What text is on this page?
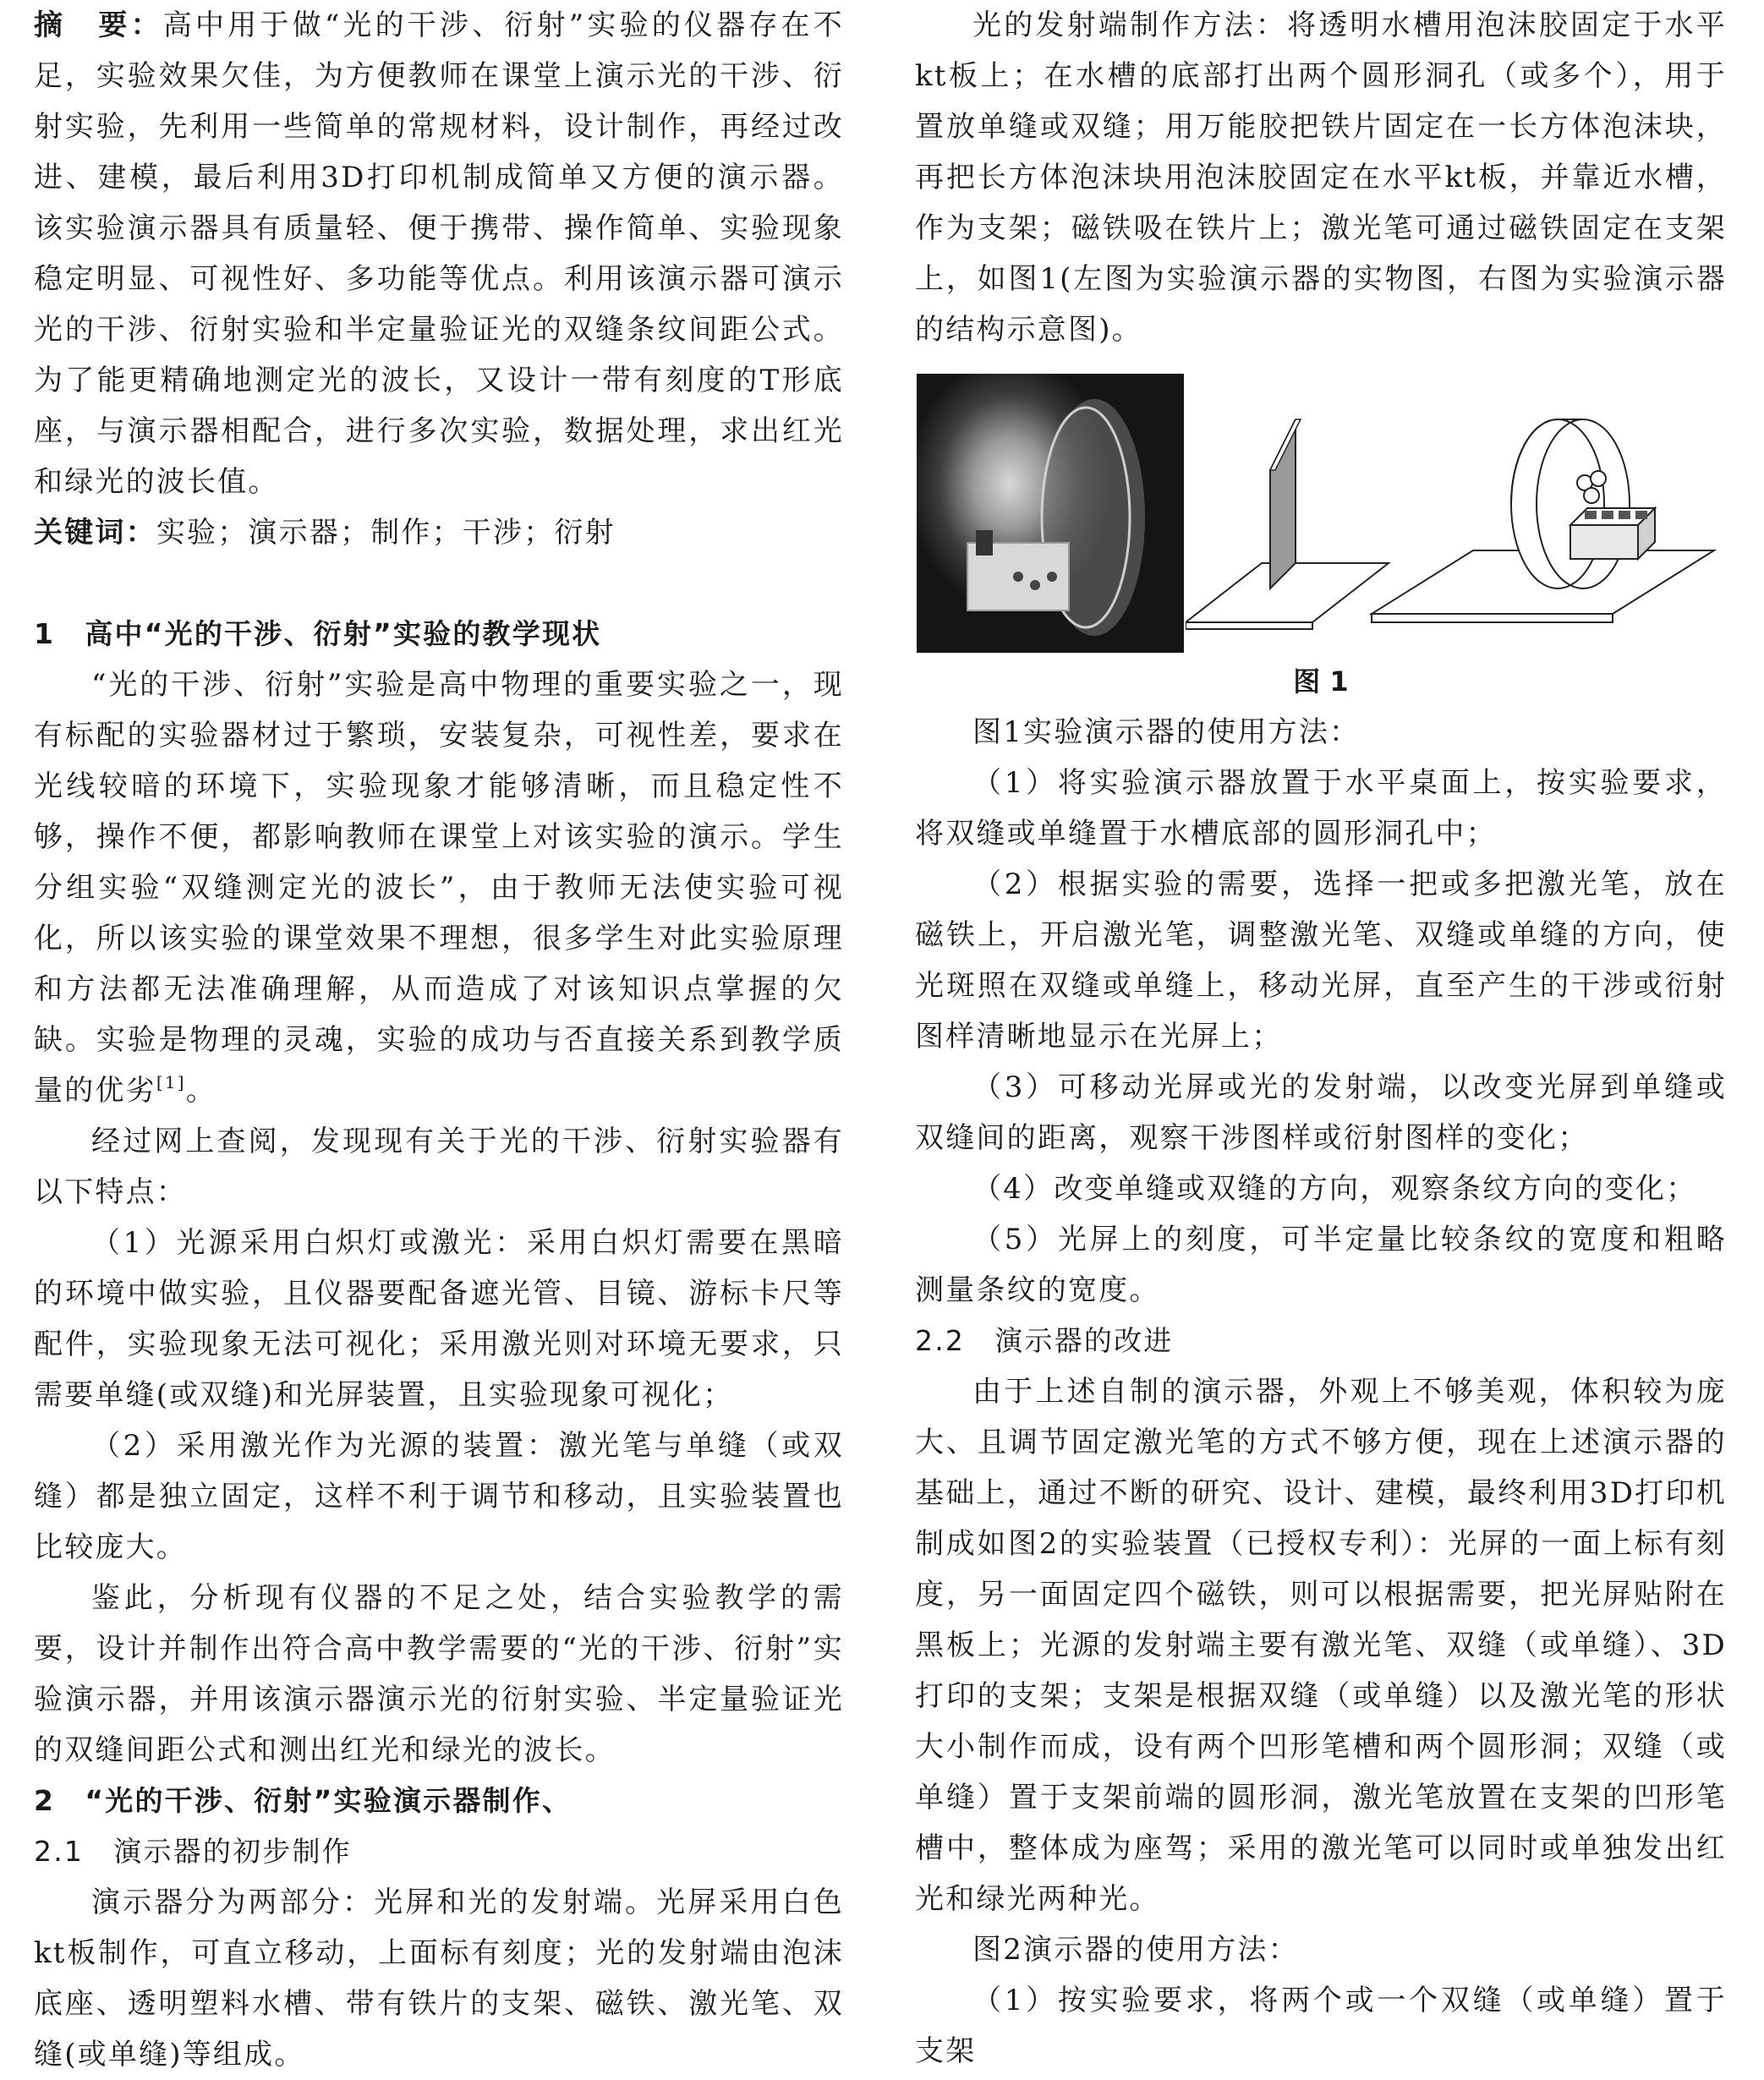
摘　要：高中用于做“光的干涉、衍射”实验的仪器存在不足，实验效果欠佳，为方便教师在课堂上演示光的干涉、衍射实验，先利用一些简单的常规材料，设计制作，再经过改进、建模，最后利用3D打印机制成简单又方便的演示器。该实验演示器具有质量轻、便于携带、操作简单、实验现象稳定明显、可视性好、多功能等优点。利用该演示器可演示光的干涉、衍射实验和半定量验证光的双缝条纹间距公式。为了能更精确地测定光的波长，又设计一带有刻度的T形底座，与演示器相配合，进行多次实验，数据处理，求出红光和绿光的波长值。

关键词：实验；演示器；制作；干涉；衍射

1　高中“光的干涉、衍射”实验的教学现状

“光的干涉、衍射”实验是高中物理的重要实验之一，现有标配的实验器材过于繁琐，安装复杂，可视性差，要求在光线较暗的环境下，实验现象才能够清晰，而且稳定性不够，操作不便，都影响教师在课堂上对该实验的演示。学生分组实验“双缝测定光的波长”，由于教师无法使实验可视化，所以该实验的课堂效果不理想，很多学生对此实验原理和方法都无法准确理解，从而造成了对该知识点掌握的欠缺。实验是物理的灵魂，实验的成功与否直接关系到教学质量的优劣[1]。

经过网上查阅，发现现有关于光的干涉、衍射实验器有以下特点：

（1）光源采用白炽灯或激光：采用白炽灯需要在黑暗的环境中做实验，且仪器要配备遮光管、目镜、游标卡尺等配件，实验现象无法可视化；采用激光则对环境无要求，只需要单缝(或双缝)和光屏装置，且实验现象可视化；

（2）采用激光作为光源的装置：激光笔与单缝（或双缝）都是独立固定，这样不利于调节和移动，且实验装置也比较庞大。

鉴此，分析现有仪器的不足之处，结合实验教学的需要，设计并制作出符合高中教学需要的“光的干涉、衍射”实验演示器，并用该演示器演示光的衍射实验、半定量验证光的双缝间距公式和测出红光和绿光的波长。

2　“光的干涉、衍射”实验演示器制作、
2.1　演示器的初步制作

演示器分为两部分：光屏和光的发射端。光屏采用白色kt板制作，可直立移动，上面标有刻度；光的发射端由泡沫底座、透明塑料水槽、带有铁片的支架、磁铁、激光笔、双缝(或单缝)等组成。

光的发射端制作方法：将透明水槽用泡沫胶固定于水平kt板上；在水槽的底部打出两个圆形洞孔（或多个），用于置放单缝或双缝；用万能胶把铁片固定在一长方体泡沫块，再把长方体泡沫块用泡沫胶固定在水平kt板，并靠近水槽，作为支架；磁铁吸在铁片上；激光笔可通过磁铁固定在支架上，如图1(左图为实验演示器的实物图，右图为实验演示器的结构示意图)。

图 1

图1实验演示器的使用方法：

（1）将实验演示器放置于水平桌面上，按实验要求，将双缝或单缝置于水槽底部的圆形洞孔中；

（2）根据实验的需要，选择一把或多把激光笔，放在磁铁上，开启激光笔，调整激光笔、双缝或单缝的方向，使光斑照在双缝或单缝上，移动光屏，直至产生的干涉或衍射图样清晰地显示在光屏上；

（3）可移动光屏或光的发射端，以改变光屏到单缝或双缝间的距离，观察干涉图样或衍射图样的变化；

（4）改变单缝或双缝的方向，观察条纹方向的变化；

（5）光屏上的刻度，可半定量比较条纹的宽度和粗略测量条纹的宽度。

2.2　演示器的改进

由于上述自制的演示器，外观上不够美观，体积较为庞大、且调节固定激光笔的方式不够方便，现在上述演示器的基础上，通过不断的研究、设计、建模，最终利用3D打印机制成如图2的实验装置（已授权专利）：光屏的一面上标有刻度，另一面固定四个磁铁，则可以根据需要，把光屏贴附在黑板上；光源的发射端主要有激光笔、双缝（或单缝）、3D打印的支架；支架是根据双缝（或单缝）以及激光笔的形状大小制作而成，设有两个凹形笔槽和两个圆形洞；双缝（或单缝）置于支架前端的圆形洞，激光笔放置在支架的凹形笔槽中，整体成为座驾；采用的激光笔可以同时或单独发出红光和绿光两种光。

图2演示器的使用方法：

（1）按实验要求，将两个或一个双缝（或单缝）置于支架
